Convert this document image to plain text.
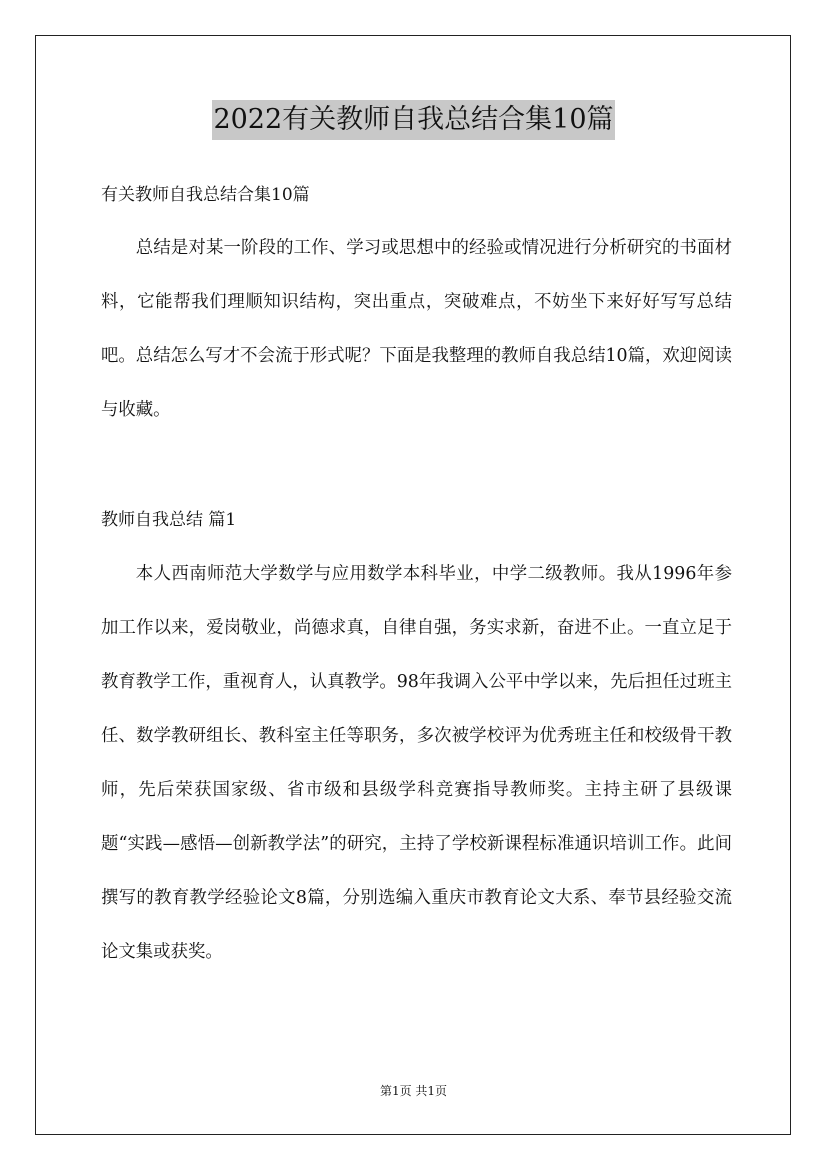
2022有关教师自我总结合集10篇
有关教师自我总结合集10篇

总结是对某一阶段的工作、学习或思想中的经验或情况进行分析研究的书面材料，它能帮我们理顺知识结构，突出重点，突破难点，不妨坐下来好好写写总结吧。总结怎么写才不会流于形式呢？下面是我整理的教师自我总结10篇，欢迎阅读与收藏。

教师自我总结 篇1

本人西南师范大学数学与应用数学本科毕业，中学二级教师。我从1996年参加工作以来，爱岗敬业，尚德求真，自律自强，务实求新，奋进不止。一直立足于教育教学工作，重视育人，认真教学。98年我调入公平中学以来，先后担任过班主任、数学教研组长、教科室主任等职务，多次被学校评为优秀班主任和校级骨干教师，先后荣获国家级、省市级和县级学科竞赛指导教师奖。主持主研了县级课题“实践—感悟—创新教学法”的研究，主持了学校新课程标准通识培训工作。此间撰写的教育教学经验论文8篇，分别选编入重庆市教育论文大系、奉节县经验交流论文集或获奖。

第1页 共1页
